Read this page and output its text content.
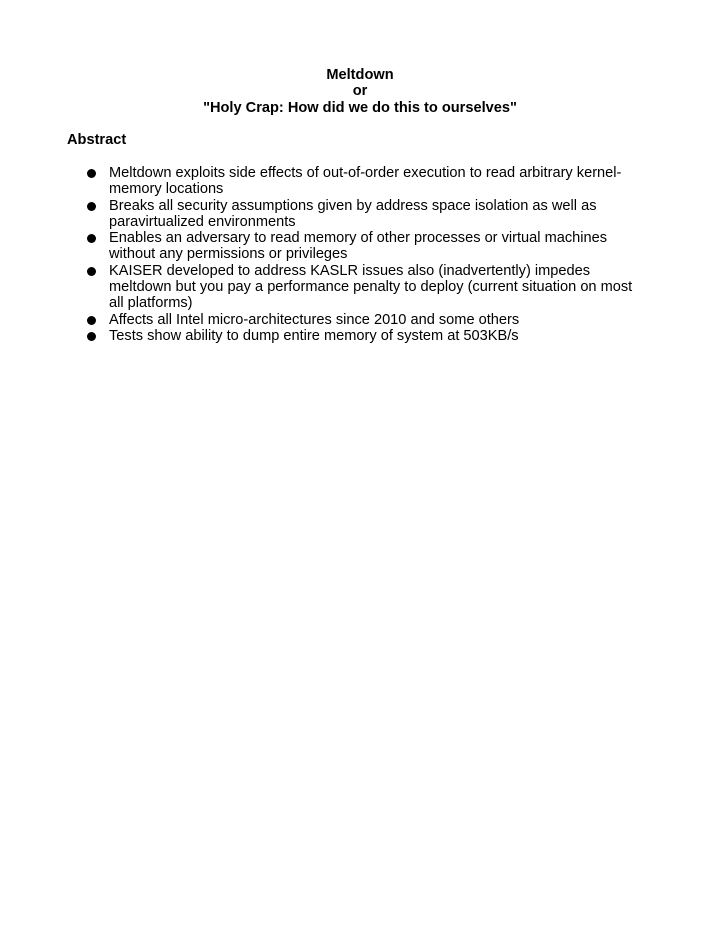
Meltdown
or
"Holy Crap: How did we do this to ourselves"
Abstract
Meltdown exploits side effects of out-of-order execution to read arbitrary kernel-memory locations
Breaks all security assumptions given by address space isolation as well as paravirtualized environments
Enables an adversary to read memory of other processes or virtual machines without any permissions or privileges
KAISER developed to address KASLR issues also (inadvertently) impedes meltdown but you pay a performance penalty to deploy (current situation on most all platforms)
Affects all Intel micro-architectures since 2010 and some others
Tests show ability to dump entire memory of system at 503KB/s
